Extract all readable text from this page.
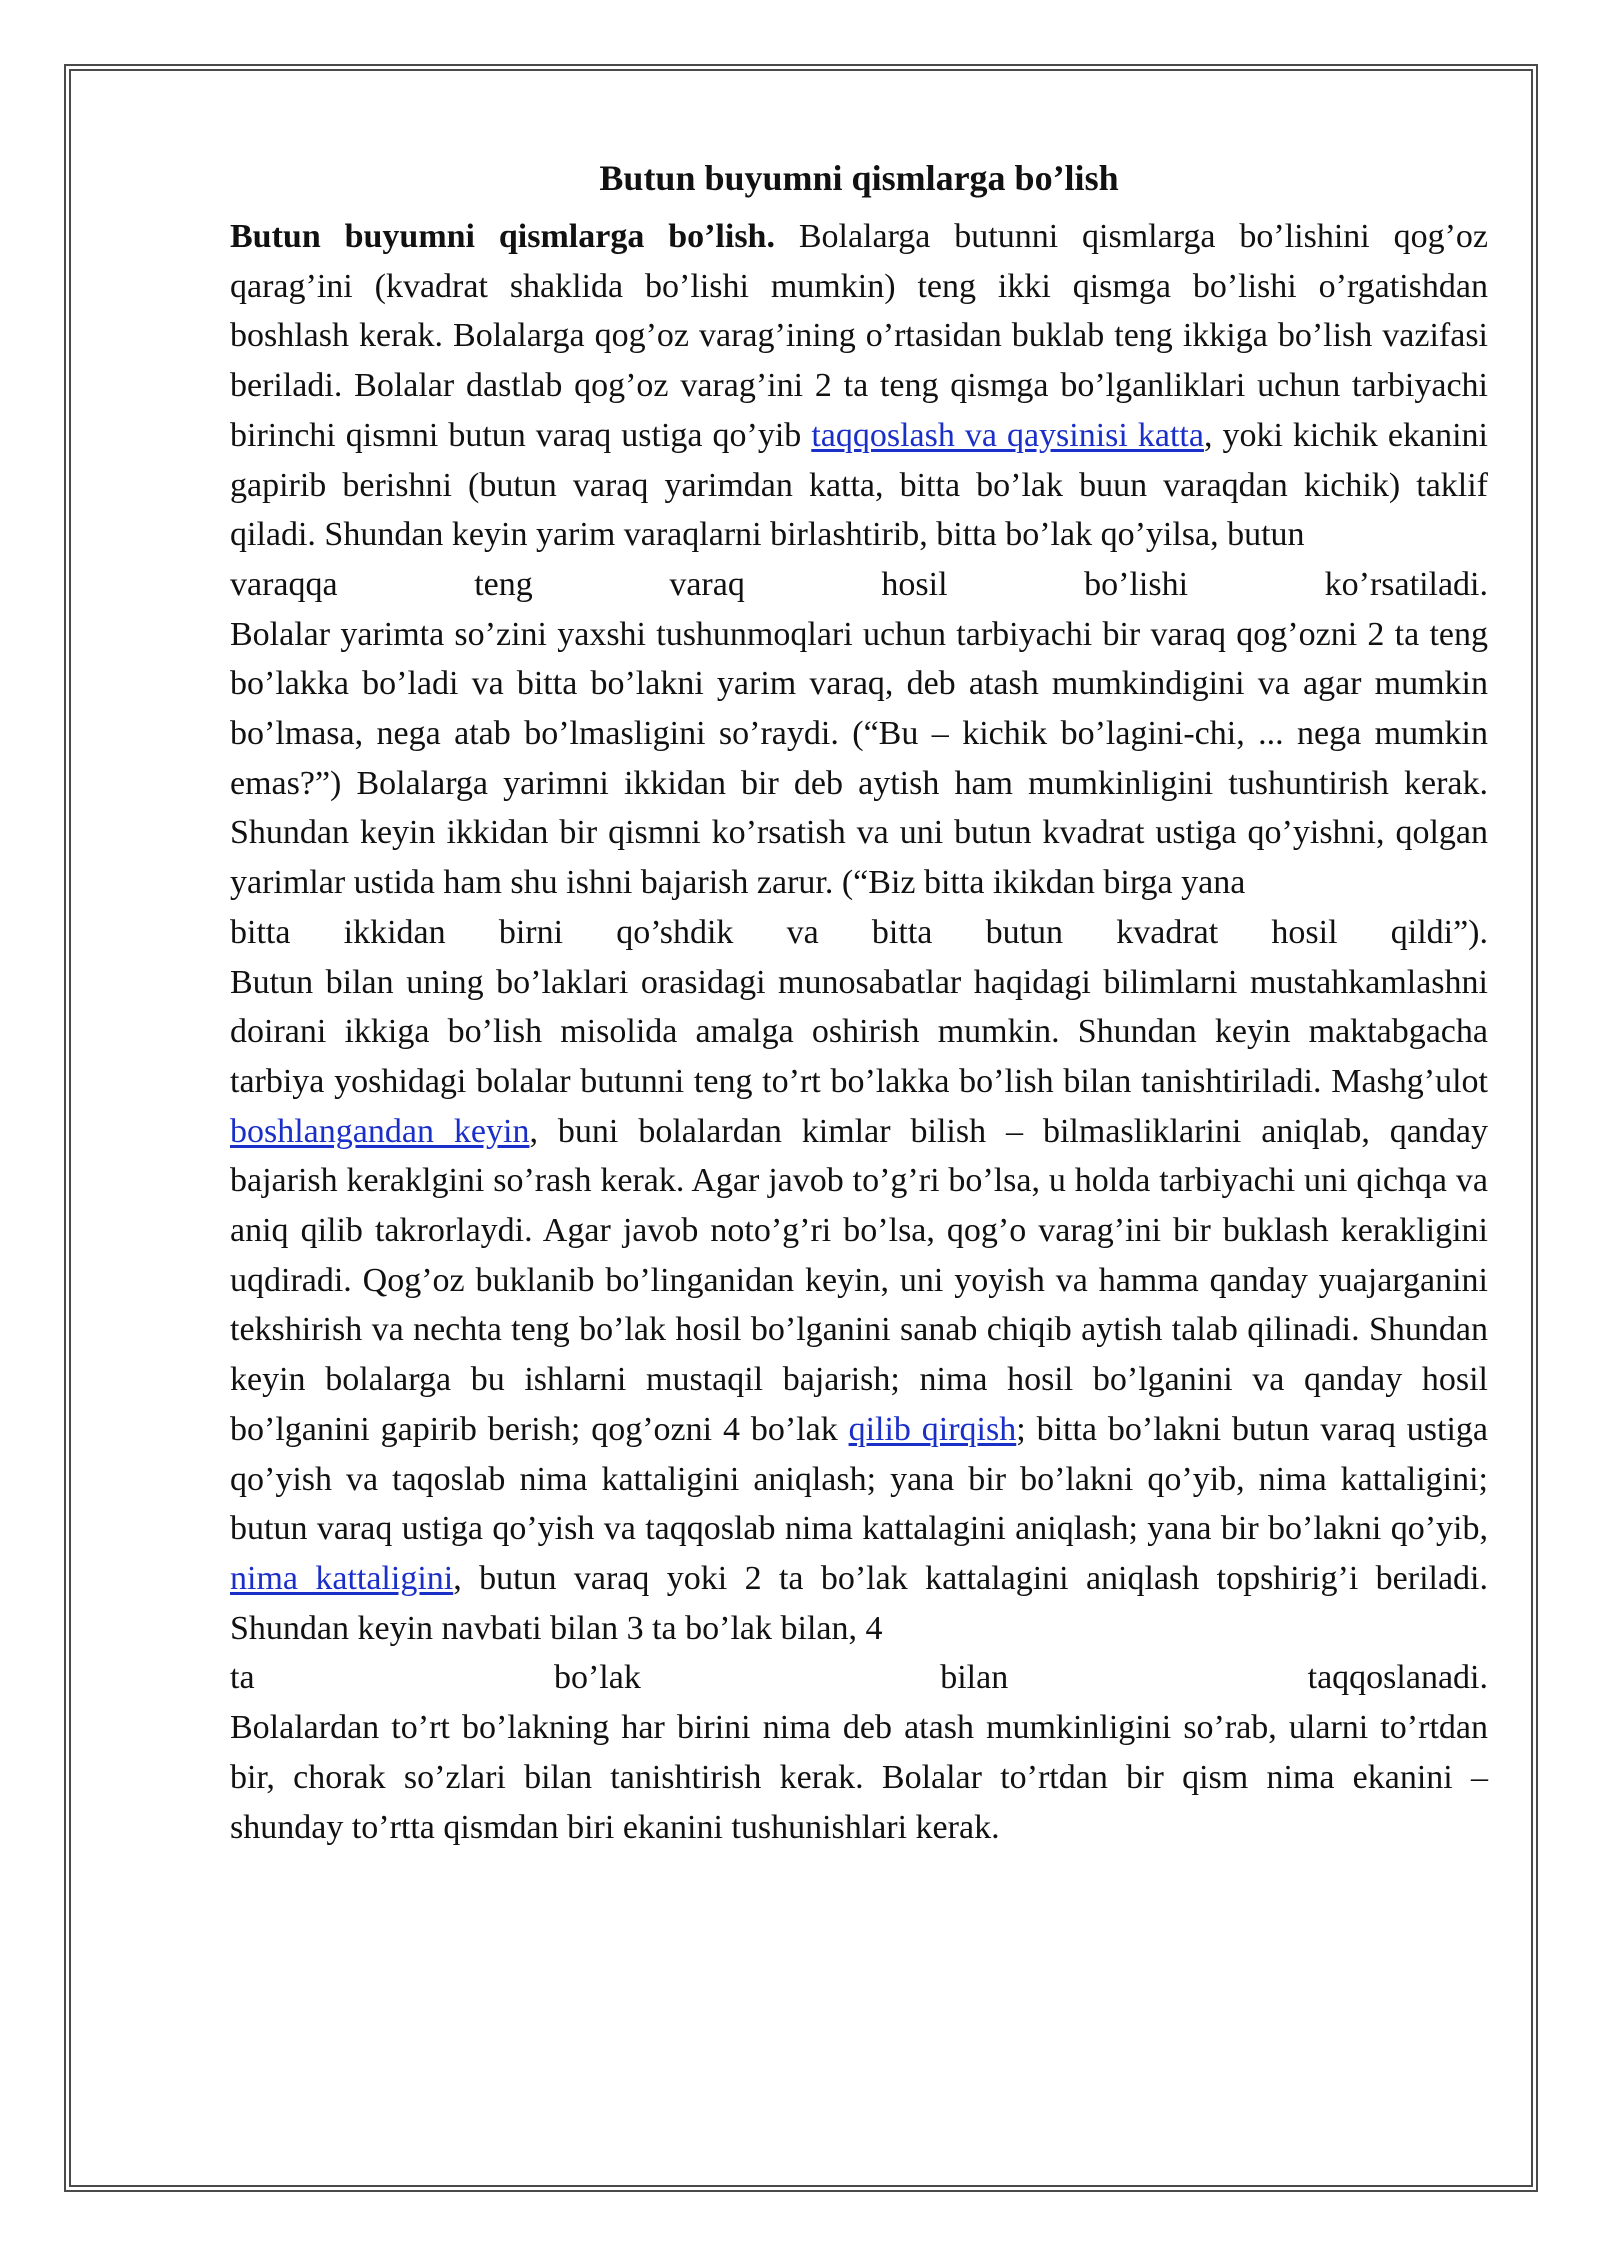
Butun buyumni qismlarga bo’lish

Butun buyumni qismlarga bo’lish. Bolalarga butunni qismlarga bo’lishini qog’oz qarag’ini (kvadrat shaklida bo’lishi mumkin) teng ikki qismga bo’lishi o’rgatishdan boshlash kerak. Bolalarga qog’oz varag’ining o’rtasidan buklab teng ikkiga bo’lish vazifasi beriladi. Bolalar dastlab qog’oz varag’ini 2 ta teng qismga bo’lganliklari uchun tarbiyachi birinchi qismni butun varaq ustiga qo’yib taqqoslash va qaysinisi katta, yoki kichik ekanini gapirib berishni (butun varaq yarimdan katta, bitta bo’lak buun varaqdan kichik) taklif qiladi. Shundan keyin yarim varaqlarni birlashtirib, bitta bo’lak qo’yilsa, butun
varaqqa teng varaq hosil bo’lishi ko’rsatiladi.
Bolalar yarimta so’zini yaxshi tushunmoqlari uchun tarbiyachi bir varaq qog’ozni 2 ta teng bo’lakka bo’ladi va bitta bo’lakni yarim varaq, deb atash mumkindigini va agar mumkin bo’lmasa, nega atab bo’lmasligini so’raydi. (“Bu – kichik bo’lagini-chi, ... nega mumkin emas?”) Bolalarga yarimni ikkidan bir deb aytish ham mumkinligini tushuntirish kerak. Shundan keyin ikkidan bir qismni ko’rsatish va uni butun kvadrat ustiga qo’yishni, qolgan yarimlar ustida ham shu ishni bajarish zarur. (“Biz bitta ikikdan birga yana
bitta ikkidan birni qo’shdik va bitta butun kvadrat hosil qildi”).
Butun bilan uning bo’laklari orasidagi munosabatlar haqidagi bilimlarni mustahkamlashni doirani ikkiga bo’lish misolida amalga oshirish mumkin. Shundan keyin maktabgacha tarbiya yoshidagi bolalar butunni teng to’rt bo’lakka bo’lish bilan tanishtiriladi. Mashg’ulot boshlangandan keyin, buni bolalardan kimlar bilish – bilmasliklarini aniqlab, qanday bajarish keraklgini so’rash kerak. Agar javob to’g’ri bo’lsa, u holda tarbiyachi uni qichqa va aniq qilib takrorlaydi. Agar javob noto’g’ri bo’lsa, qog’o varag’ini bir buklash kerakligini uqdiradi. Qog’oz buklanib bo’linganidan keyin, uni yoyish va hamma qanday yuajarganini tekshirish va nechta teng bo’lak hosil bo’lganini sanab chiqib aytish talab qilinadi. Shundan keyin bolalarga bu ishlarni mustaqil bajarish; nima hosil bo’lganini va qanday hosil bo’lganini gapirib berish; qog’ozni 4 bo’lak qilib qirqish; bitta bo’lakni butun varaq ustiga qo’yish va taqoslab nima kattaligini aniqlash; yana bir bo’lakni qo’yib, nima kattaligini; butun varaq ustiga qo’yish va taqqoslab nima kattalagini aniqlash; yana bir bo’lakni qo’yib, nima kattaligini, butun varaq yoki 2 ta bo’lak kattalagini aniqlash topshirig’i beriladi. Shundan keyin navbati bilan 3 ta bo’lak bilan, 4
ta bo’lak bilan taqqoslanadi.
Bolalardan to’rt bo’lakning har birini nima deb atash mumkinligini so’rab, ularni to’rtdan bir, chorak so’zlari bilan tanishtirish kerak. Bolalar to’rtdan bir qism nima ekanini – shunday to’rtta qismdan biri ekanini tushunishlari kerak.
